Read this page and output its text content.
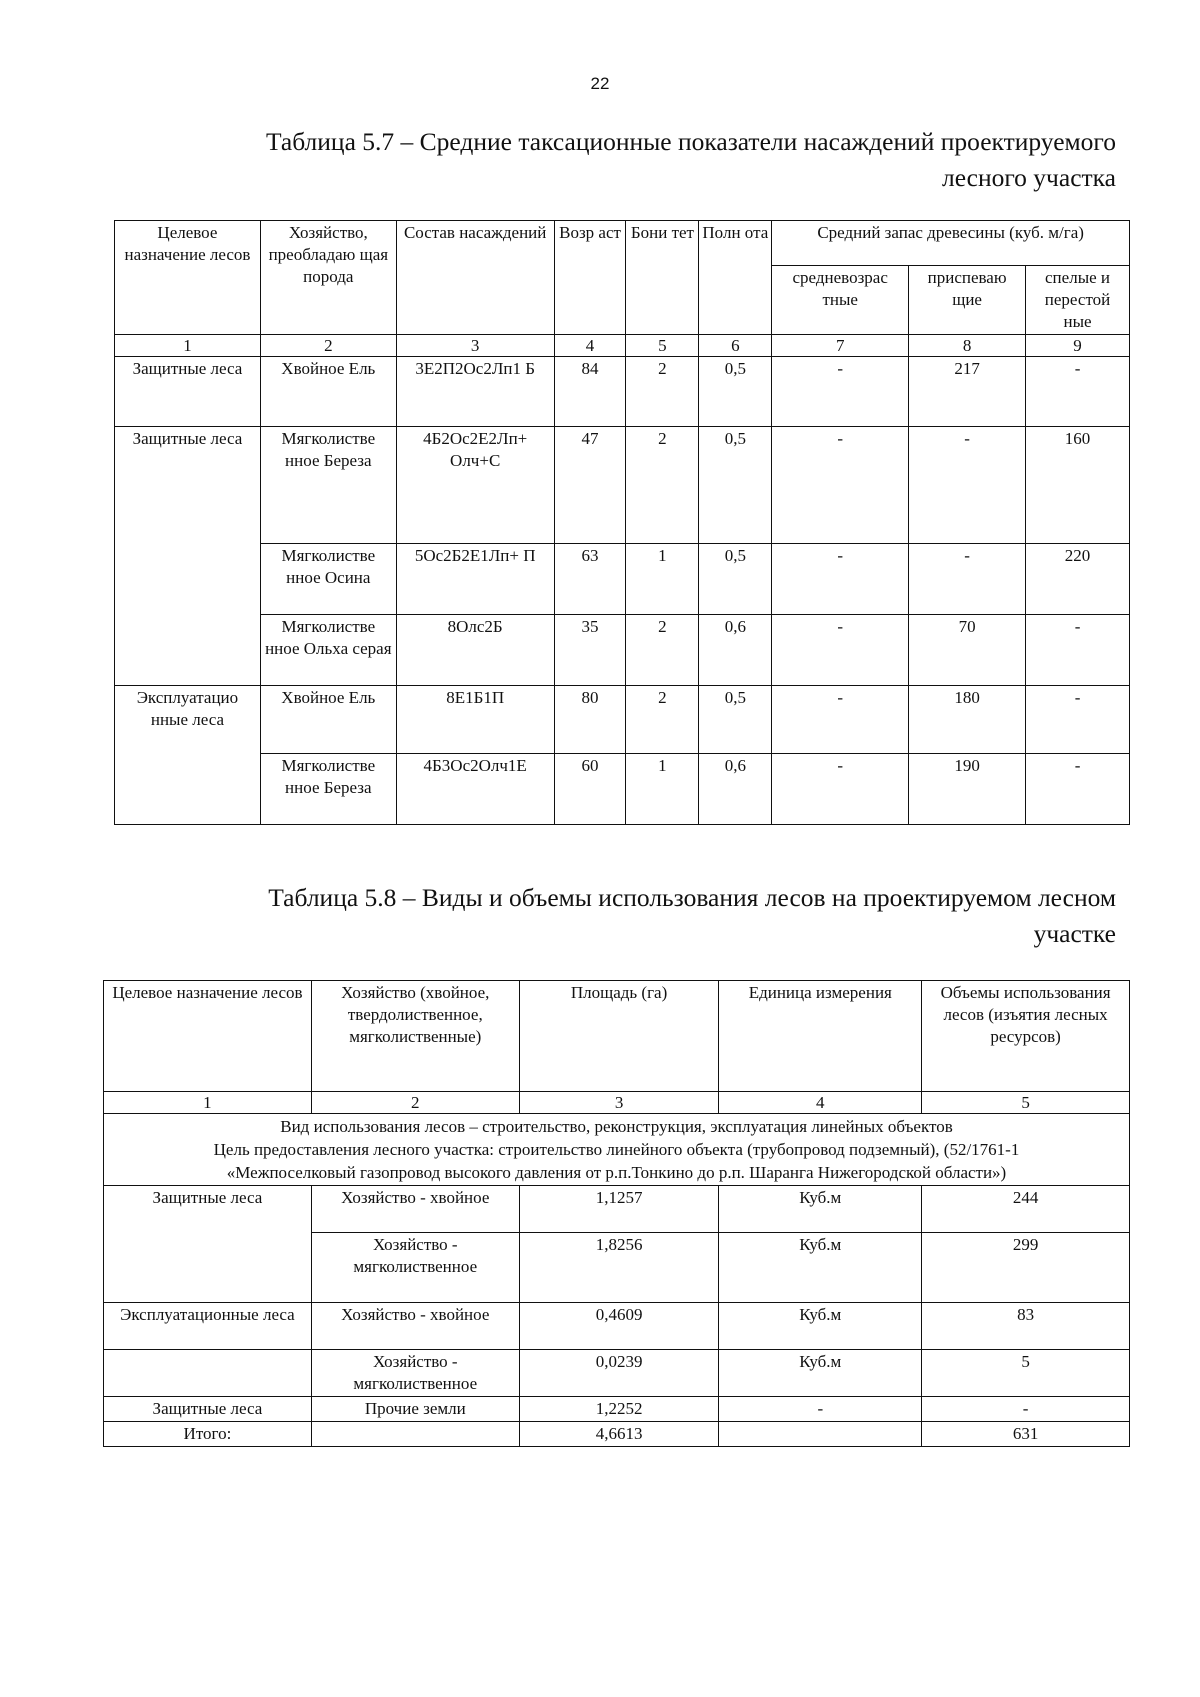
22
Таблица 5.7 – Средние таксационные показатели насаждений проектируемого
лесного участка
Целевое назначение лесов	Хозяйство, преобладаю щая порода	Состав насаждений	Возр аст	Бони тет	Полн ота	Средний запас древесины (куб. м/га)		
						средневозрас тные	приспеваю щие	спелые и перестой ные
1	2	3	4	5	6	7	8	9
Защитные леса	Хвойное Ель	3Е2П2Ос2Лп1 Б	84	2	0,5	-	217	-
Защитные леса	Мягколистве нное Береза	4Б2Ос2Е2Лп+ Олч+С	47	2	0,5	-	-	160
	Мягколистве нное Осина	5Ос2Б2Е1Лп+ П	63	1	0,5	-	-	220
	Мягколистве нное Ольха серая	8Олс2Б	35	2	0,6	-	70	-
Эксплуатацио нные леса	Хвойное Ель	8Е1Б1П	80	2	0,5	-	180	-
	Мягколистве нное Береза	4Б3Ос2Олч1Е	60	1	0,6	-	190	-
Таблица 5.8 – Виды и объемы использования лесов на проектируемом лесном
участке
Целевое назначение лесов	Хозяйство (хвойное, твердолиственное, мягколиственные)	Площадь (га)	Единица измерения	Объемы использования лесов (изъятия лесных ресурсов)
1	2	3	4	5

Вид использования лесов – строительство, реконструкция, эксплуатация линейных объектов
Цель предоставления лесного участка: строительство линейного объекта (трубопровод подземный), (52/1761-1
«Межпоселковый газопровод высокого давления от р.п.Тонкино до р.п. Шаранга Нижегородской области»)				

Защитные леса	Хозяйство - хвойное	1,1257	Куб.м	244
	Хозяйство - мягколиственное	1,8256	Куб.м	299
Эксплуатационные леса	Хозяйство - хвойное	0,4609	Куб.м	83
	Хозяйство - мягколиственное	0,0239	Куб.м	5
Защитные леса	Прочие земли	1,2252	-	-
Итого:		4,6613		631
